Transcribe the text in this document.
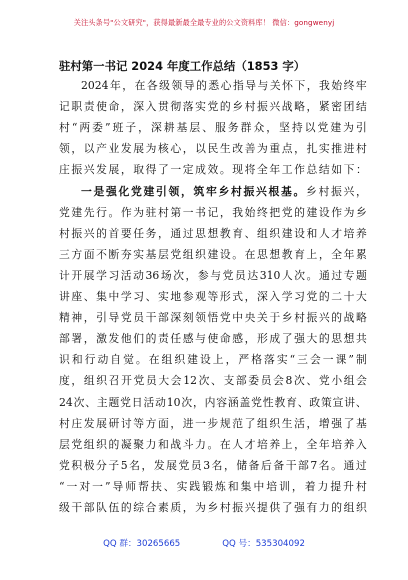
关注头条号"公文研究"，获得最新最全最专业的公文资料库！ 微信：gongwenyj
驻村第一书记 2024 年度工作总结（1853 字）
2024 年 ， 在 各 级 领 导 的 悉 心 指 导 与 关 怀 下 ， 我 始 终 牢
记 职 责 使 命 ， 深 入 贯 彻 落 实 党 的 乡 村 振 兴 战 略 ， 紧 密 团 结
村 “ 两 委 ” 班 子 ， 深 耕 基 层 、 服 务 群 众 ， 坚 持 以 党 建 为 引
领 ， 以 产 业 发 展 为 核 心 ， 以 民 生 改 善 为 重 点 ， 扎 实 推 进 村
庄 振 兴 发 展 ， 取 得 了 一 定 成 效 。 现 将 全 年 工 作 总 结 如 下 ：
一 是 强 化 党 建 引 领 ， 筑 牢 乡 村 振 兴 根 基 。 乡 村 振 兴 ，
党 建 先 行 。 作 为 驻 村 第 一 书 记 ， 我 始 终 把 党 的 建 设 作 为 乡
村 振 兴 的 首 要 任 务 ， 通 过 思 想 教 育 、 组 织 建 设 和 人 才 培 养
三 方 面 不 断 夯 实 基 层 党 组 织 建 设 。 在 思 想 教 育 上 ， 全 年 累
计 开 展 学 习 活 动 36 场 次 ， 参 与 党 员 达 310 人 次 。 通 过 专 题
讲 座 、 集 中 学 习 、 实 地 参 观 等 形 式 ， 深 入 学 习 党 的 二 十 大
精 神 ， 引 导 党 员 干 部 深 刻 领 悟 党 中 央 关 于 乡 村 振 兴 的 战 略
部 署 ， 激 发 他 们 的 责 任 感 与 使 命 感 ， 形 成 了 强 大 的 思 想 共
识 和 行 动 自 觉 。 在 组 织 建 设 上 ， 严 格 落 实 “ 三 会 一 课 ” 制
度 ， 组 织 召 开 党 员 大 会 12 次 、 支 部 委 员 会 8 次 、 党 小 组 会
24 次 、 主 题 党 日 活 动 10 次 ， 内 容 涵 盖 党 性 教 育 、 政 策 宣 讲 、
村 庄 发 展 研 讨 等 方 面 ， 进 一 步 规 范 了 组 织 生 活 ， 增 强 了 基
层 党 组 织 的 凝 聚 力 和 战 斗 力 。 在 人 才 培 养 上 ， 全 年 培 养 入
党 积 极 分 子 5 名 ， 发 展 党 员 3 名 ， 储 备 后 备 干 部 7 名 。 通 过
“ 一 对 一 ” 导 师 帮 扶 、 实 践 锻 炼 和 集 中 培 训 ， 着 力 提 升 村
级 干 部 队 伍 的 综 合 素 质 ， 为 乡 村 振 兴 提 供 了 强 有 力 的 组 织
QQ 群：30265665	QQ 号：535304092
